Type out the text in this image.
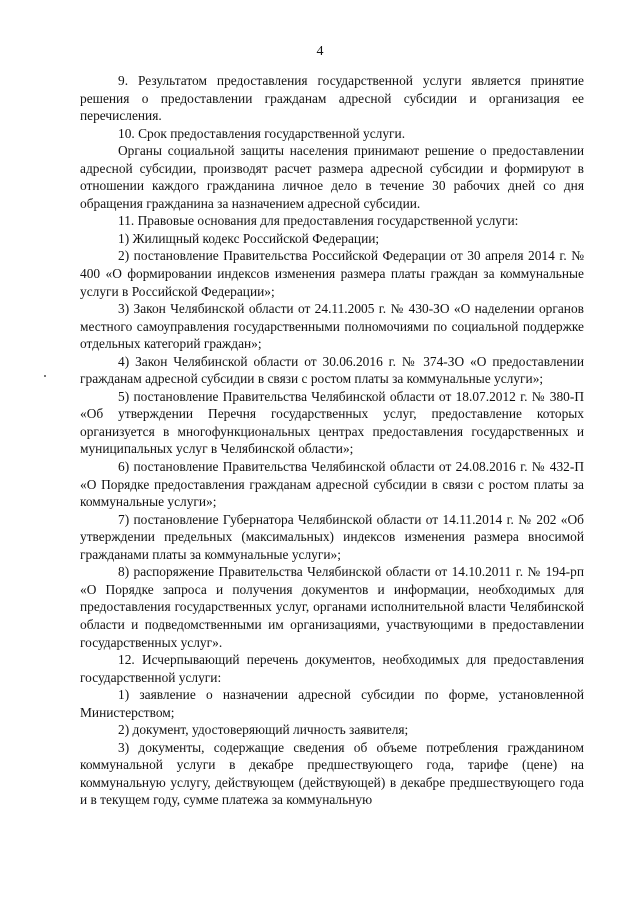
4

9. Результатом предоставления государственной услуги является принятие решения о предоставлении гражданам адресной субсидии и организация ее перечисления.

10. Срок предоставления государственной услуги.

Органы социальной защиты населения принимают решение о предоставлении адресной субсидии, производят расчет размера адресной субсидии и формируют в отношении каждого гражданина личное дело в течение 30 рабочих дней со дня обращения гражданина за назначением адресной субсидии.

11. Правовые основания для предоставления государственной услуги:

1) Жилищный кодекс Российской Федерации;

2) постановление Правительства Российской Федерации от 30 апреля 2014 г. № 400 «О формировании индексов изменения размера платы граждан за коммунальные услуги в Российской Федерации»;

3) Закон Челябинской области от 24.11.2005 г. № 430-ЗО «О наделении органов местного самоуправления государственными полномочиями по социальной поддержке отдельных категорий граждан»;

4) Закон Челябинской области от 30.06.2016 г. № 374-ЗО «О предоставлении гражданам адресной субсидии в связи с ростом платы за коммунальные услуги»;

5) постановление Правительства Челябинской области от 18.07.2012 г. № 380-П «Об утверждении Перечня государственных услуг, предоставление которых организуется в многофункциональных центрах предоставления государственных и муниципальных услуг в Челябинской области»;

6) постановление Правительства Челябинской области от 24.08.2016 г. № 432-П «О Порядке предоставления гражданам адресной субсидии в связи с ростом платы за коммунальные услуги»;

7) постановление Губернатора Челябинской области от 14.11.2014 г. № 202 «Об утверждении предельных (максимальных) индексов изменения размера вносимой гражданами платы за коммунальные услуги»;

8) распоряжение Правительства Челябинской области от 14.10.2011 г. № 194-рп «О Порядке запроса и получения документов и информации, необходимых для предоставления государственных услуг, органами исполнительной власти Челябинской области и подведомственными им организациями, участвующими в предоставлении государственных услуг».

12. Исчерпывающий перечень документов, необходимых для предоставления государственной услуги:

1) заявление о назначении адресной субсидии по форме, установленной Министерством;

2) документ, удостоверяющий личность заявителя;

3) документы, содержащие сведения об объеме потребления гражданином коммунальной услуги в декабре предшествующего года, тарифе (цене) на коммунальную услугу, действующем (действующей) в декабре предшествующего года и в текущем году, сумме платежа за коммунальную
